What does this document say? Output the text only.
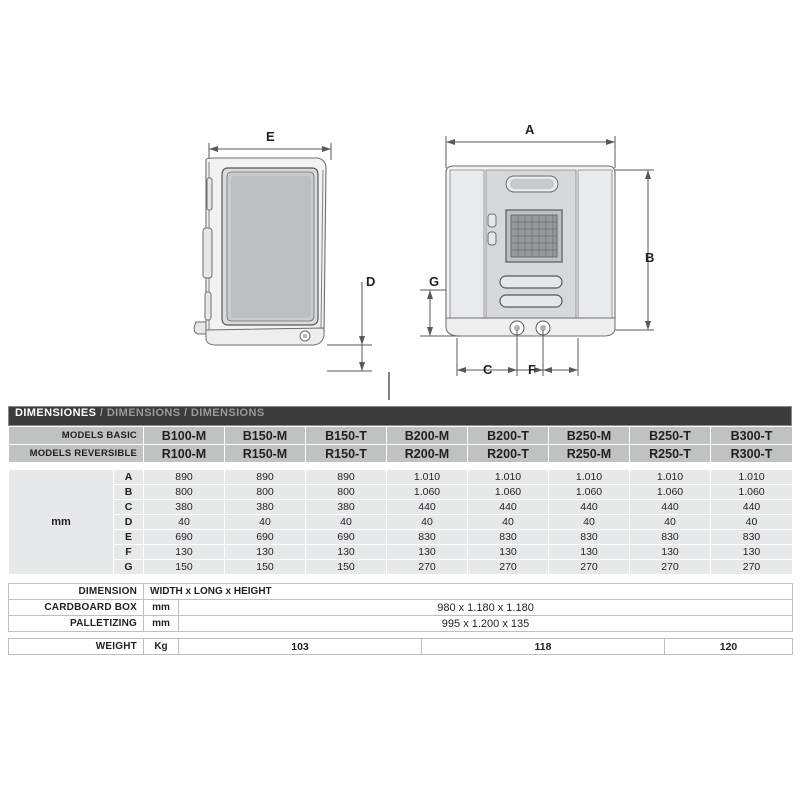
E
D
A
B
C	F
G
DIMENSIONES / DIMENSIONS / DIMENSIONS
MODELS BASIC	B100-M	B150-M	B150-T	B200-M	B200-T	B250-M	B250-T	B300-T
MODELS REVERSIBLE	R100-M	R150-M	R150-T	R200-M	R200-T	R250-M	R250-T	R300-T
mm	A	890	890	890	1.010	1.010	1.010	1.010	1.010
	B	800	800	800	1.060	1.060	1.060	1.060	1.060
	C	380	380	380	440	440	440	440	440
	D	40	40	40	40	40	40	40	40
	E	690	690	690	830	830	830	830	830
	F	130	130	130	130	130	130	130	130
	G	150	150	150	270	270	270	270	270
DIMENSION	WIDTH x LONG x HEIGHT	
CARDBOARD BOX	mm	980 x 1.180 x 1.180
PALLETIZING	mm	995 x 1.200 x 135
WEIGHT	Kg	103	118	120
